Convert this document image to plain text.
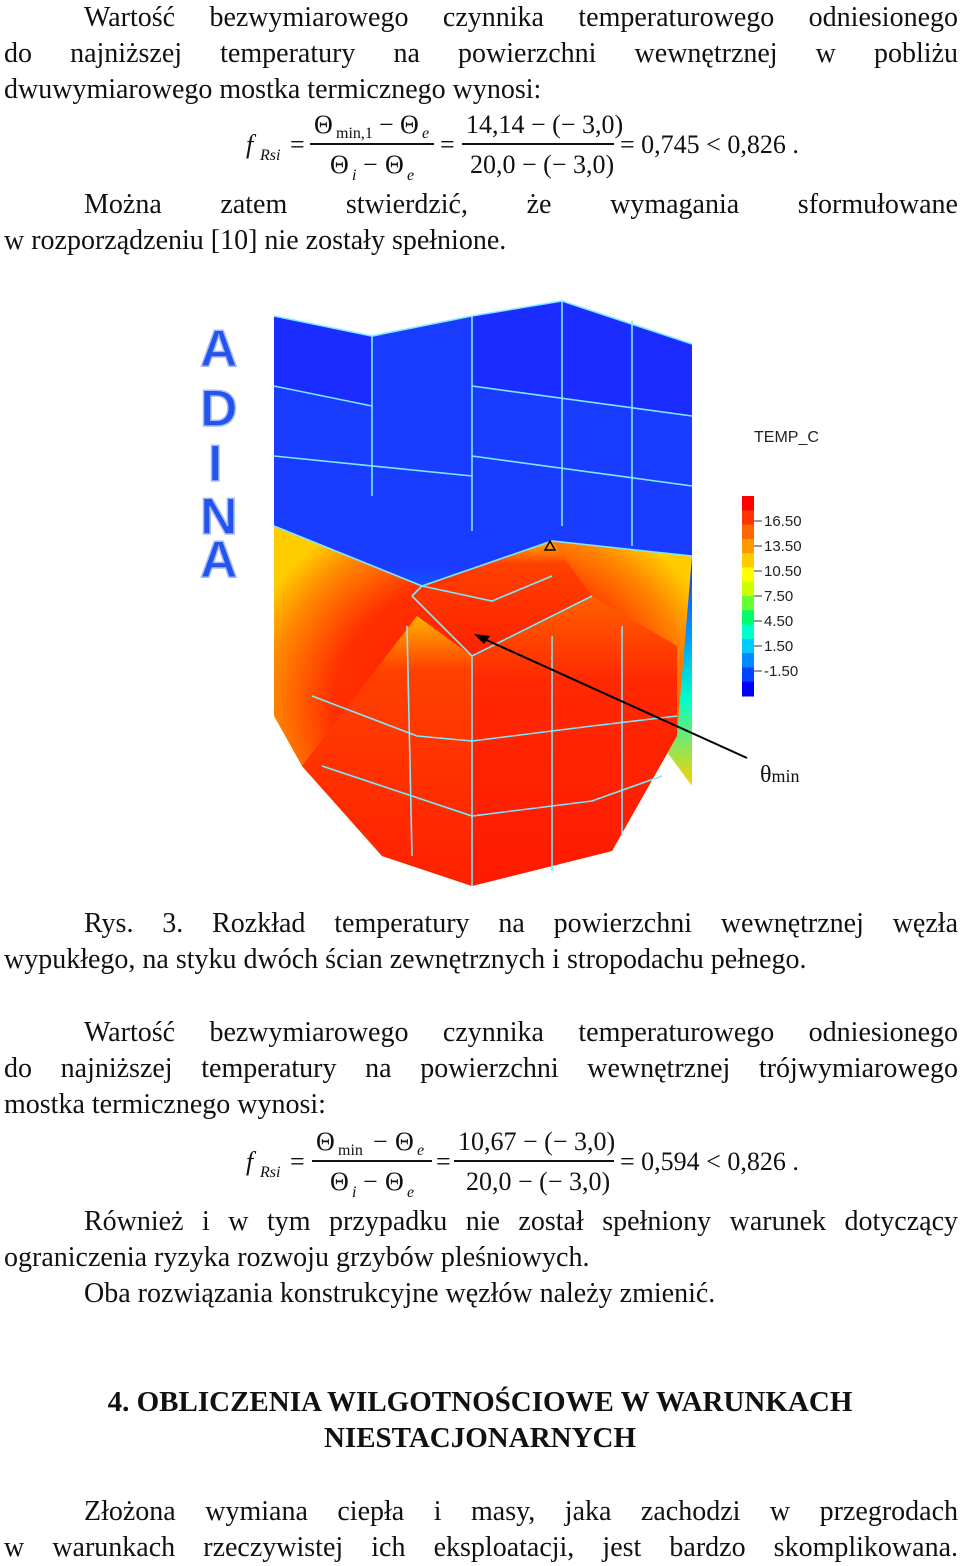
Wartość bezwymiarowego czynnika temperaturowego odniesionego
do najniższej temperatury na powierzchni wewnętrznej w pobliżu
dwuwymiarowego mostka termicznego wynosi:
f Rsi =
Θ min,1 − Θ e
Θ i − Θ e
=
14,14 − (− 3,0)
20,0 − (− 3,0)
= 0,745 < 0,826 .
Można zatem stwierdzić, że wymagania sformułowane
w rozporządzeniu [10] nie zostały spełnione.
A
D
I
N
A
TEMP_C
16.50
13.50
10.50
7.50
4.50
1.50
-1.50
θmin
Rys. 3. Rozkład temperatury na powierzchni wewnętrznej węzła
wypukłego, na styku dwóch ścian zewnętrznych i stropodachu pełnego.
Wartość bezwymiarowego czynnika temperaturowego odniesionego
do najniższej temperatury na powierzchni wewnętrznej trójwymiarowego
mostka termicznego wynosi:
f Rsi =
Θ min − Θ e
Θ i − Θ e
=
10,67 − (− 3,0)
20,0 − (− 3,0)
= 0,594 < 0,826 .
Również i w tym przypadku nie został spełniony warunek dotyczący
ograniczenia ryzyka rozwoju grzybów pleśniowych.
Oba rozwiązania konstrukcyjne węzłów należy zmienić.
4. OBLICZENIA WILGOTNOŚCIOWE W WARUNKACH
NIESTACJONARNYCH
Złożona wymiana ciepła i masy, jaka zachodzi w przegrodach
w warunkach rzeczywistej ich eksploatacji, jest bardzo skomplikowana.
